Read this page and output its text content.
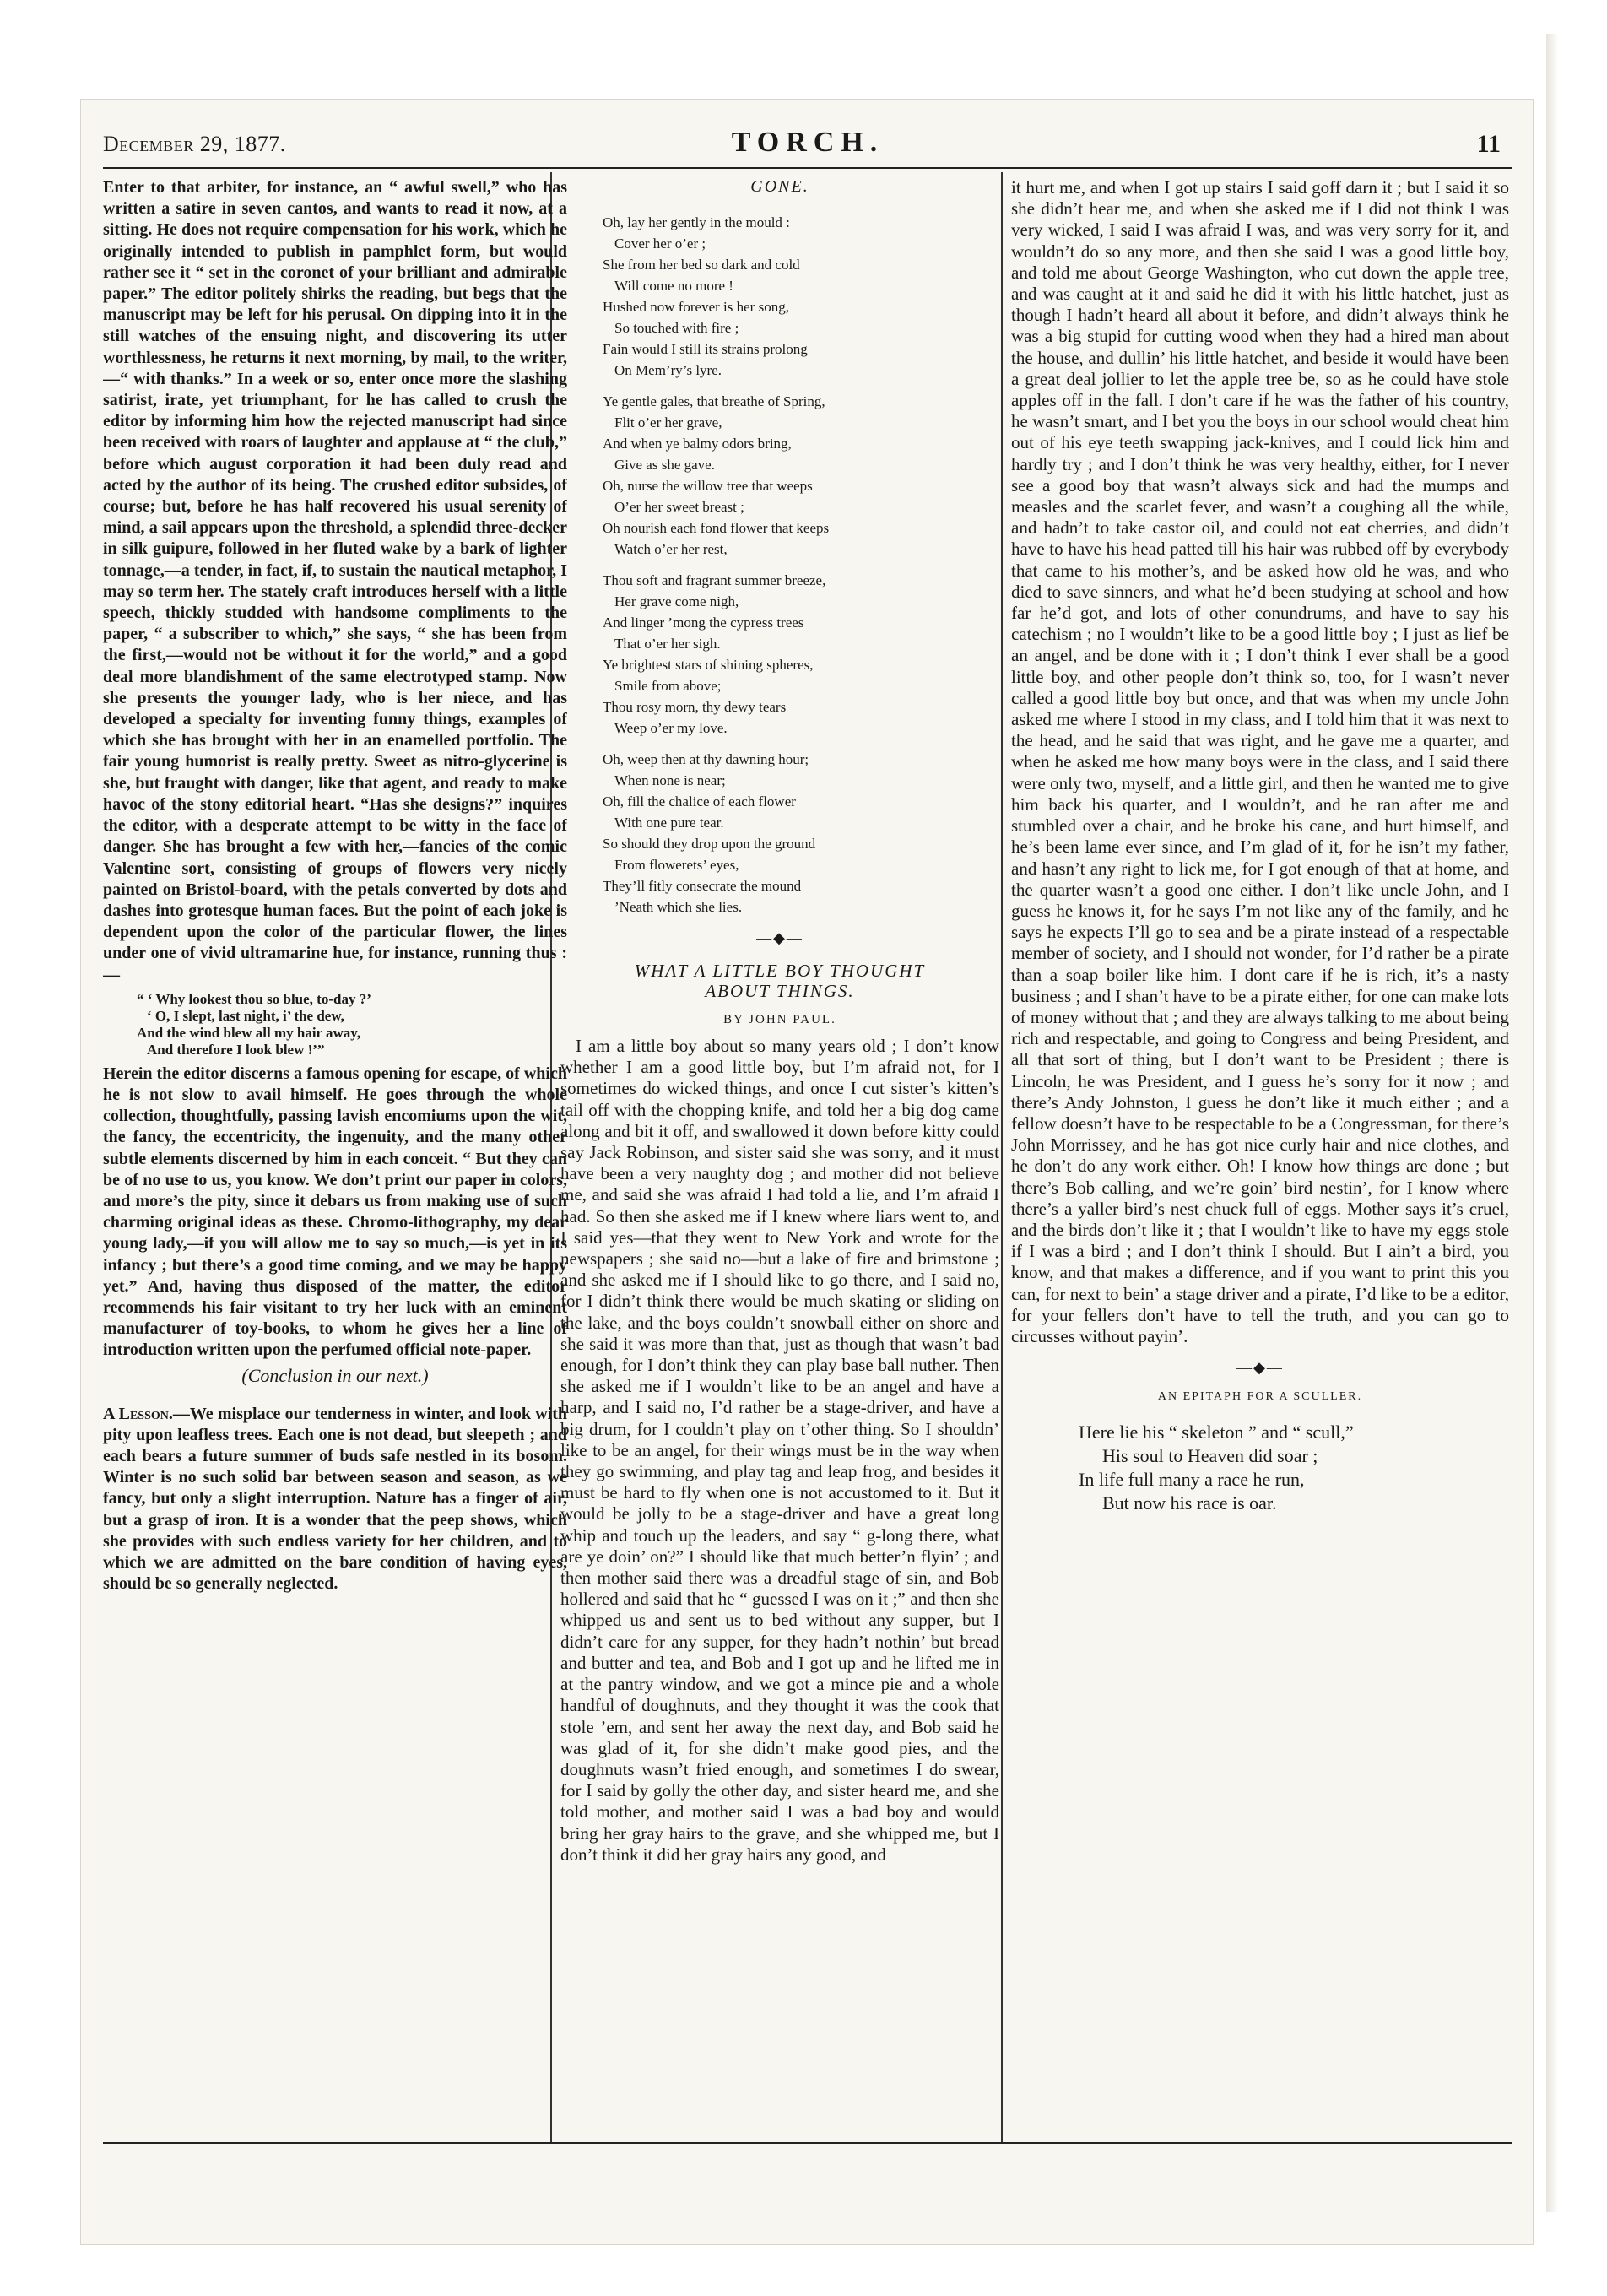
December 29, 1877.	TORCH.	11

Enter to that arbiter, for instance, an “ awful swell,” who has written a satire in seven cantos, and wants to read it now, at a sitting. He does not require compensation for his work, which he originally intended to publish in pamphlet form, but would rather see it “ set in the coronet of your brilliant and admirable paper.” The editor politely shirks the reading, but begs that the manuscript may be left for his perusal. On dipping into it in the still watches of the ensuing night, and discovering its utter worthlessness, he returns it next morning, by mail, to the writer,—“ with thanks.” In a week or so, enter once more the slashing satirist, irate, yet triumphant, for he has called to crush the editor by informing him how the rejected manuscript had since been received with roars of laughter and applause at “ the club,” before which august corporation it had been duly read and acted by the author of its being. The crushed editor subsides, of course; but, before he has half recovered his usual serenity of mind, a sail appears upon the threshold, a splendid three-decker in silk guipure, followed in her fluted wake by a bark of lighter tonnage,—a tender, in fact, if, to sustain the nautical metaphor, I may so term her. The stately craft introduces herself with a little speech, thickly studded with handsome compliments to the paper, “ a subscriber to which,” she says, “ she has been from the first,—would not be without it for the world,” and a good deal more blandishment of the same electrotyped stamp. Now she presents the younger lady, who is her niece, and has developed a specialty for inventing funny things, examples of which she has brought with her in an enamelled portfolio. The fair young humorist is really pretty. Sweet as nitro-glycerine is she, but fraught with danger, like that agent, and ready to make havoc of the stony editorial heart. “Has she designs?” inquires the editor, with a desperate attempt to be witty in the face of danger. She has brought a few with her,—fancies of the comic Valentine sort, consisting of groups of flowers very nicely painted on Bristol-board, with the petals converted by dots and dashes into grotesque human faces. But the point of each joke is dependent upon the color of the particular flower, the lines under one of vivid ultramarine hue, for instance, running thus :—

“ ‘ Why lookest thou so blue, to-day ?’
‘ O, I slept, last night, i’ the dew,
And the wind blew all my hair away,
And therefore I look blew !’”

Herein the editor discerns a famous opening for escape, of which he is not slow to avail himself. He goes through the whole collection, thoughtfully, passing lavish encomiums upon the wit, the fancy, the eccentricity, the ingenuity, and the many other subtle elements discerned by him in each conceit. “ But they can be of no use to us, you know. We don’t print our paper in colors, and more’s the pity, since it debars us from making use of such charming original ideas as these. Chromo-lithography, my dear young lady,—if you will allow me to say so much,—is yet in its infancy ; but there’s a good time coming, and we may be happy yet.” And, having thus disposed of the matter, the editor recommends his fair visitant to try her luck with an eminent manufacturer of toy-books, to whom he gives her a line of introduction written upon the perfumed official note-paper.

(Conclusion in our next.)

A Lesson.—We misplace our tenderness in winter, and look with pity upon leafless trees. Each one is not dead, but sleepeth ; and each bears a future summer of buds safe nestled in its bosom. Winter is no such solid bar between season and season, as we fancy, but only a slight interruption. Nature has a finger of air, but a grasp of iron. It is a wonder that the peep shows, which she provides with such endless variety for her children, and to which we are admitted on the bare condition of having eyes, should be so generally neglected.

GONE.
Oh, lay her gently in the mould :
Cover her o’er ;
She from her bed so dark and cold
Will come no more !
Hushed now forever is her song,
So touched with fire ;
Fain would I still its strains prolong
On Mem’ry’s lyre.
Ye gentle gales, that breathe of Spring,
Flit o’er her grave,
And when ye balmy odors bring,
Give as she gave.
Oh, nurse the willow tree that weeps
O’er her sweet breast ;
Oh nourish each fond flower that keeps
Watch o’er her rest,
Thou soft and fragrant summer breeze,
Her grave come nigh,
And linger ’mong the cypress trees
That o’er her sigh.
Ye brightest stars of shining spheres,
Smile from above;
Thou rosy morn, thy dewy tears
Weep o’er my love.
Oh, weep then at thy dawning hour;
When none is near;
Oh, fill the chalice of each flower
With one pure tear.
So should they drop upon the ground
From flowerets’ eyes,
They’ll fitly consecrate the mound
’Neath which she lies.
—◆—
WHAT A LITTLE BOY THOUGHT
ABOUT THINGS.
BY JOHN PAUL.

I am a little boy about so many years old ; I don’t know whether I am a good little boy, but I’m afraid not, for I sometimes do wicked things, and once I cut sister’s kitten’s tail off with the chopping knife, and told her a big dog came along and bit it off, and swallowed it down before kitty could say Jack Robinson, and sister said she was sorry, and it must have been a very naughty dog ; and mother did not believe me, and said she was afraid I had told a lie, and I’m afraid I had. So then she asked me if I knew where liars went to, and I said yes—that they went to New York and wrote for the newspapers ; she said no—but a lake of fire and brimstone ; and she asked me if I should like to go there, and I said no, for I didn’t think there would be much skating or sliding on the lake, and the boys couldn’t snowball either on shore and she said it was more than that, just as though that wasn’t bad enough, for I don’t think they can play base ball nuther. Then she asked me if I wouldn’t like to be an angel and have a harp, and I said no, I’d rather be a stage-driver, and have a big drum, for I couldn’t play on t’other thing. So I shouldn’ like to be an angel, for their wings must be in the way when they go swimming, and play tag and leap frog, and besides it must be hard to fly when one is not accustomed to it. But it would be jolly to be a stage-driver and have a great long whip and touch up the leaders, and say “ g-long there, what are ye doin’ on?” I should like that much better’n flyin’ ; and then mother said there was a dreadful stage of sin, and Bob hollered and said that he “ guessed I was on it ;” and then she whipped us and sent us to bed without any supper, but I didn’t care for any supper, for they hadn’t nothin’ but bread and butter and tea, and Bob and I got up and he lifted me in at the pantry window, and we got a mince pie and a whole handful of doughnuts, and they thought it was the cook that stole ’em, and sent her away the next day, and Bob said he was glad of it, for she didn’t make good pies, and the doughnuts wasn’t fried enough, and sometimes I do swear, for I said by golly the other day, and sister heard me, and she told mother, and mother said I was a bad boy and would bring her gray hairs to the grave, and she whipped me, but I don’t think it did her gray hairs any good, and

it hurt me, and when I got up stairs I said goff darn it ; but I said it so she didn’t hear me, and when she asked me if I did not think I was very wicked, I said I was afraid I was, and was very sorry for it, and wouldn’t do so any more, and then she said I was a good little boy, and told me about George Washington, who cut down the apple tree, and was caught at it and said he did it with his little hatchet, just as though I hadn’t heard all about it before, and didn’t always think he was a big stupid for cutting wood when they had a hired man about the house, and dullin’ his little hatchet, and beside it would have been a great deal jollier to let the apple tree be, so as he could have stole apples off in the fall. I don’t care if he was the father of his country, he wasn’t smart, and I bet you the boys in our school would cheat him out of his eye teeth swapping jack-knives, and I could lick him and hardly try ; and I don’t think he was very healthy, either, for I never see a good boy that wasn’t always sick and had the mumps and measles and the scarlet fever, and wasn’t a coughing all the while, and hadn’t to take castor oil, and could not eat cherries, and didn’t have to have his head patted till his hair was rubbed off by everybody that came to his mother’s, and be asked how old he was, and who died to save sinners, and what he’d been studying at school and how far he’d got, and lots of other conundrums, and have to say his catechism ; no I wouldn’t like to be a good little boy ; I just as lief be an angel, and be done with it ; I don’t think I ever shall be a good little boy, and other people don’t think so, too, for I wasn’t never called a good little boy but once, and that was when my uncle John asked me where I stood in my class, and I told him that it was next to the head, and he said that was right, and he gave me a quarter, and when he asked me how many boys were in the class, and I said there were only two, myself, and a little girl, and then he wanted me to give him back his quarter, and I wouldn’t, and he ran after me and stumbled over a chair, and he broke his cane, and hurt himself, and he’s been lame ever since, and I’m glad of it, for he isn’t my father, and hasn’t any right to lick me, for I got enough of that at home, and the quarter wasn’t a good one either. I don’t like uncle John, and I guess he knows it, for he says I’m not like any of the family, and he says he expects I’ll go to sea and be a pirate instead of a respectable member of society, and I should not wonder, for I’d rather be a pirate than a soap boiler like him. I dont care if he is rich, it’s a nasty business ; and I shan’t have to be a pirate either, for one can make lots of money without that ; and they are always talking to me about being rich and respectable, and going to Congress and being President, and all that sort of thing, but I don’t want to be President ; there is Lincoln, he was President, and I guess he’s sorry for it now ; and there’s Andy Johnston, I guess he don’t like it much either ; and a fellow doesn’t have to be respectable to be a Congressman, for there’s John Morrissey, and he has got nice curly hair and nice clothes, and he don’t do any work either. Oh! I know how things are done ; but there’s Bob calling, and we’re goin’ bird nestin’, for I know where there’s a yaller bird’s nest chuck full of eggs. Mother says it’s cruel, and the birds don’t like it ; that I wouldn’t like to have my eggs stole if I was a bird ; and I don’t think I should. But I ain’t a bird, you know, and that makes a difference, and if you want to print this you can, for next to bein’ a stage driver and a pirate, I’d like to be a editor, for your fellers don’t have to tell the truth, and you can go to circusses without payin’.

—◆—
AN EPITAPH FOR A SCULLER.
Here lie his “ skeleton ” and “ scull,”
His soul to Heaven did soar ;
In life full many a race he run,
But now his race is oar.
